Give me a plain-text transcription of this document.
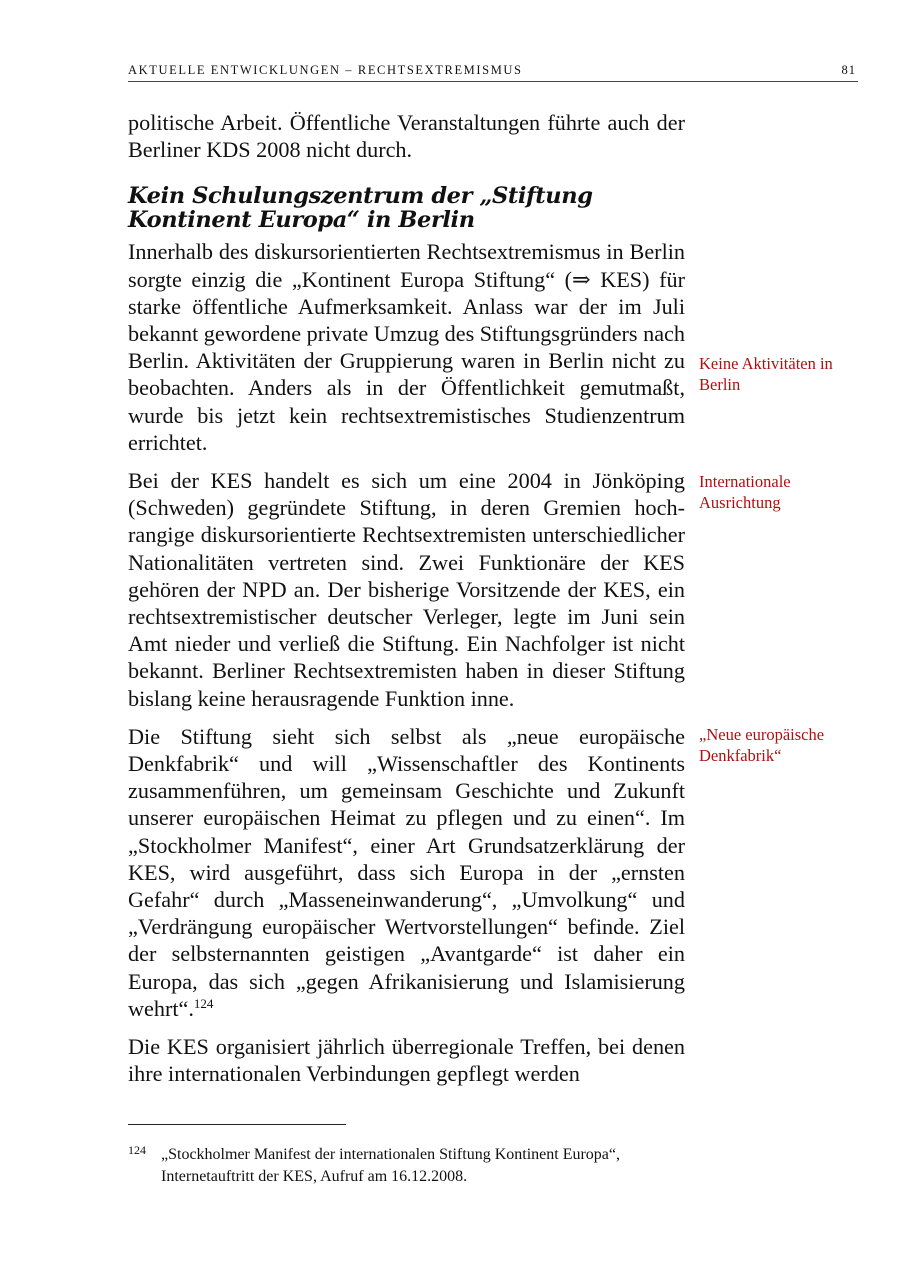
AKTUELLE ENTWICKLUNGEN – RECHTSEXTREMISMUS	81

politische Arbeit. Öffentliche Veranstaltungen führte auch der Berliner KDS 2008 nicht durch.

Kein Schulungszentrum der „Stiftung Kontinent Europa“ in Berlin

Innerhalb des diskursorientierten Rechtsextremismus in Berlin sorgte einzig die „Kontinent Europa Stiftung“ (⇒ KES) für starke öffentliche Aufmerksamkeit. Anlass war der im Juli bekannt gewordene private Umzug des Stiftungsgründers nach Berlin. Aktivitäten der Gruppierung waren in Berlin nicht zu beobachten. Anders als in der Öffentlichkeit gemutmaßt, wurde bis jetzt kein rechtsextremistisches Studienzentrum errichtet.

Bei der KES handelt es sich um eine 2004 in Jönköping (Schweden) gegründete Stiftung, in deren Gremien hochrangige diskursorientierte Rechtsextremisten unterschiedlicher Nationalitäten vertreten sind. Zwei Funktionäre der KES gehören der NPD an. Der bisherige Vorsitzende der KES, ein rechtsextremistischer deutscher Verleger, legte im Juni sein Amt nieder und verließ die Stiftung. Ein Nachfolger ist nicht bekannt. Berliner Rechtsextremisten haben in dieser Stiftung bislang keine herausragende Funktion inne.

Die Stiftung sieht sich selbst als „neue europäische Denkfabrik“ und will „Wissenschaftler des Kontinents zusammenführen, um gemeinsam Geschichte und Zukunft unserer europäischen Heimat zu pflegen und zu einen“. Im „Stockholmer Manifest“, einer Art Grundsatzerklärung der KES, wird ausgeführt, dass sich Europa in der „ernsten Gefahr“ durch „Masseneinwanderung“, „Umvolkung“ und „Verdrängung europäischer Wertvorstellungen“ befinde. Ziel der selbsternannten geistigen „Avantgarde“ ist daher ein Europa, das sich „gegen Afrikanisierung und Islamisierung wehrt“.$^{124}$

Die KES organisiert jährlich überregionale Treffen, bei denen ihre internationalen Verbindungen gepflegt werden

Keine Aktivitäten in Berlin
Internationale Ausrichtung
„Neue europäische Denkfabrik“
124 „Stockholmer Manifest der internationalen Stiftung Kontinent Europa“, Internetauftritt der KES, Aufruf am 16.12.2008.
